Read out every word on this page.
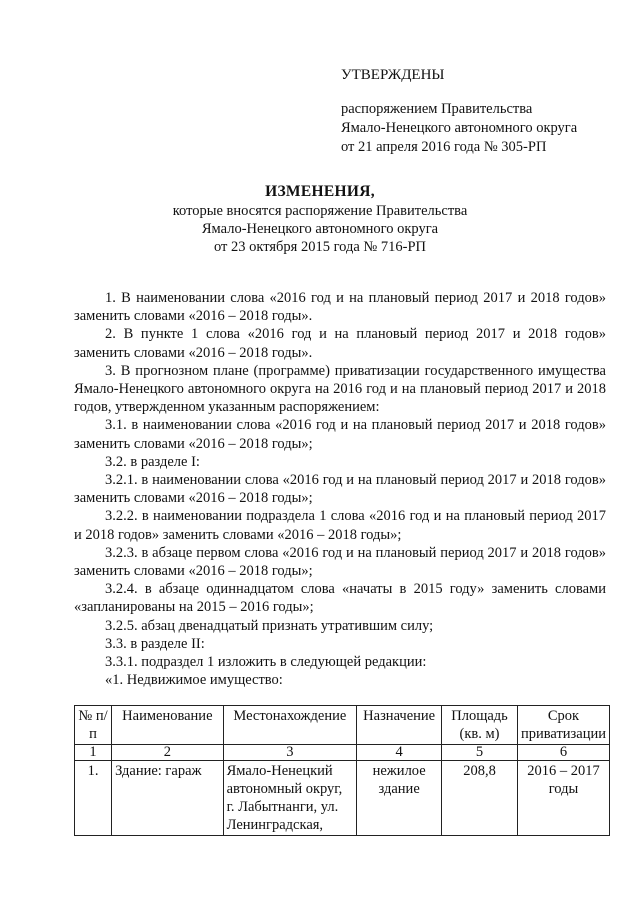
УТВЕРЖДЕНЫ
распоряжением Правительства
Ямало-Ненецкого автономного округа
от 21 апреля 2016 года № 305-РП
ИЗМЕНЕНИЯ,
которые вносятся распоряжение Правительства
Ямало-Ненецкого автономного округа
от 23 октября 2015 года № 716-РП

1. В наименовании слова «2016 год и на плановый период 2017 и 2018 годов» заменить словами «2016 – 2018 годы».

2. В пункте 1 слова «2016 год и на плановый период 2017 и 2018 годов» заменить словами «2016 – 2018 годы».

3. В прогнозном плане (программе) приватизации государственного имущества Ямало-Ненецкого автономного округа на 2016 год и на плановый период 2017 и 2018 годов, утвержденном указанным распоряжением:

3.1. в наименовании слова «2016 год и на плановый период 2017 и 2018 годов» заменить словами «2016 – 2018 годы»;

3.2. в разделе I:

3.2.1. в наименовании слова «2016 год и на плановый период 2017 и 2018 годов» заменить словами «2016 – 2018 годы»;

3.2.2. в наименовании подраздела 1 слова «2016 год и на плановый период 2017 и 2018 годов» заменить словами «2016 – 2018 годы»;

3.2.3. в абзаце первом слова «2016 год и на плановый период 2017 и 2018 годов» заменить словами «2016 – 2018 годы»;

3.2.4. в абзаце одиннадцатом слова «начаты в 2015 году» заменить словами «запланированы на 2015 – 2016 годы»;

3.2.5. абзац двенадцатый признать утратившим силу;

3.3. в разделе II:

3.3.1. подраздел 1 изложить в следующей редакции:

«1. Недвижимое имущество:
№ п/п	Наименование	Местонахождение	Назначение	Площадь (кв. м)	Срок приватизации
1	2	3	4	5	6
1.	Здание: гараж	Ямало-Ненецкий автономный округ, г. Лабытнанги, ул. Ленинградская,	нежилое здание	208,8	2016 – 2017 годы
